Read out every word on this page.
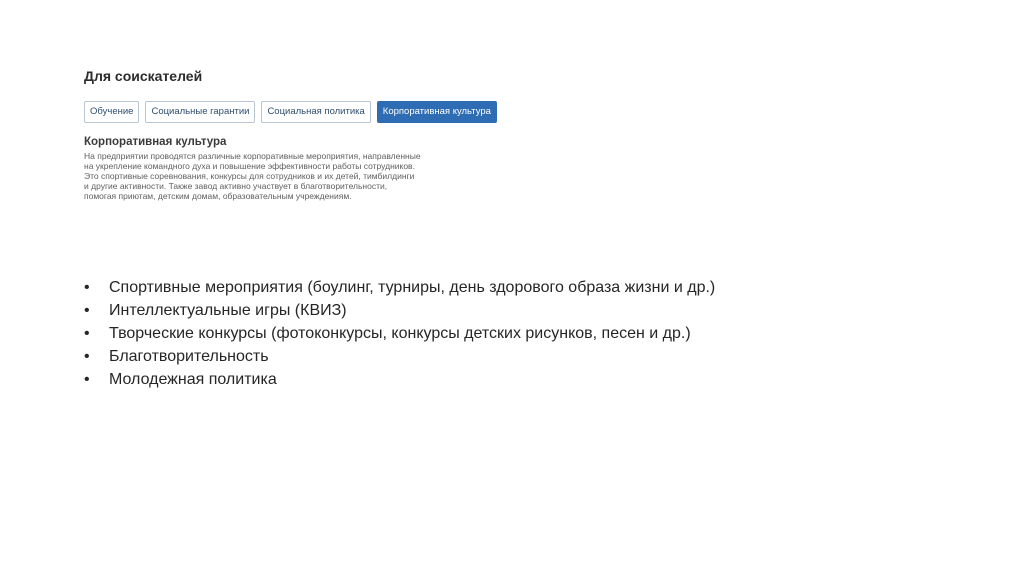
Для соискателей
Обучение	Социальные гарантии	Социальная политика	Корпоративная культура
Корпоративная культура
На предприятии проводятся различные корпоративные мероприятия, направленные
на укрепление командного духа и повышение эффективности работы сотрудников.
Это спортивные соревнования, конкурсы для сотрудников и их детей, тимбилдинги
и другие активности. Также завод активно участвует в благотворительности,
помогая приютам, детским домам, образовательным учреждениям.
•	Спортивные мероприятия (боулинг, турниры, день здорового образа жизни и др.)
•	Интеллектуальные игры (КВИЗ)
•	Творческие конкурсы (фотоконкурсы, конкурсы детских рисунков, песен и др.)
•	Благотворительность
•	Молодежная политика
